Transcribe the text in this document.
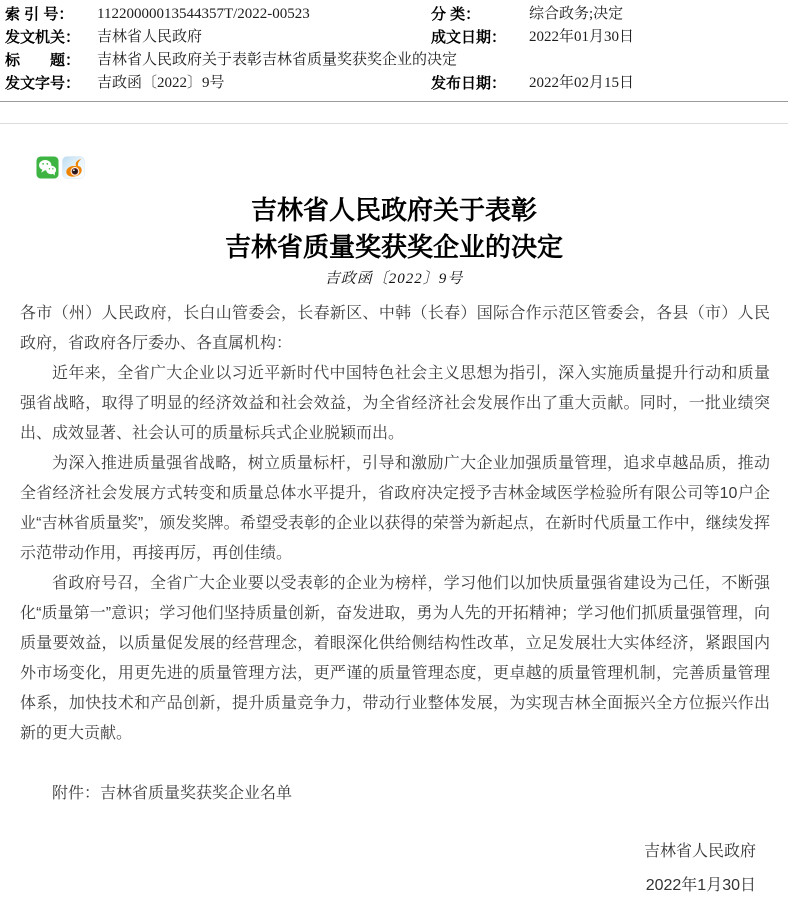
索 引 号：	11220000013544357T/2022-00523	分 类：	综合政务;决定
发文机关：	吉林省人民政府	成文日期：	2022年01月30日
标　　题：	吉林省人民政府关于表彰吉林省质量奖获奖企业的决定
发文字号：	吉政函〔2022〕9号	发布日期：	2022年02月15日
吉林省人民政府关于表彰
吉林省质量奖获奖企业的决定
吉政函〔2022〕9号

各市（州）人民政府，长白山管委会，长春新区、中韩（长春）国际合作示范区管委会，各县（市）人民政府，省政府各厅委办、各直属机构：

近年来，全省广大企业以习近平新时代中国特色社会主义思想为指引，深入实施质量提升行动和质量强省战略，取得了明显的经济效益和社会效益，为全省经济社会发展作出了重大贡献。同时，一批业绩突出、成效显著、社会认可的质量标兵式企业脱颖而出。

为深入推进质量强省战略，树立质量标杆，引导和激励广大企业加强质量管理，追求卓越品质，推动全省经济社会发展方式转变和质量总体水平提升，省政府决定授予吉林金域医学检验所有限公司等10户企业“吉林省质量奖”，颁发奖牌。希望受表彰的企业以获得的荣誉为新起点，在新时代质量工作中，继续发挥示范带动作用，再接再厉，再创佳绩。

省政府号召，全省广大企业要以受表彰的企业为榜样，学习他们以加快质量强省建设为己任，不断强化“质量第一”意识；学习他们坚持质量创新，奋发进取，勇为人先的开拓精神；学习他们抓质量强管理，向质量要效益，以质量促发展的经营理念，着眼深化供给侧结构性改革，立足发展壮大实体经济，紧跟国内外市场变化，用更先进的质量管理方法，更严谨的质量管理态度，更卓越的质量管理机制，完善质量管理体系，加快技术和产品创新，提升质量竞争力，带动行业整体发展，为实现吉林全面振兴全方位振兴作出新的更大贡献。

附件：吉林省质量奖获奖企业名单
吉林省人民政府
2022年1月30日
